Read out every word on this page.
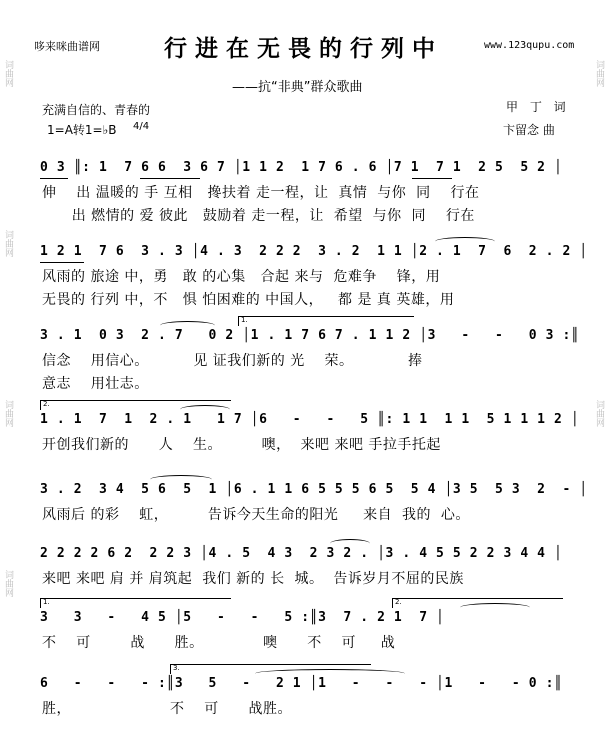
哆来咪曲谱网	行进在无畏的行列中	www.123qupu.com
——抗“非典”群众歌曲
充满自信的、青春的	甲 丁 词
1=A转1=♭B 4/4	卞留念 曲
词曲网
词曲网
词曲网
词曲网
词曲网
词曲网
0 3 ║: 1  7 6 6  3 6 7 │1 1 2  1 7 6 . 6 │7 1  7 1  2 5  5 2 │
伸    出 温暖的 手 互相   搀扶着 走一程，让  真情  与你  同    行在
出 燃情的 爱 彼此   鼓励着 走一程，让  希望  与你  同    行在
1 2 1  7 6  3 . 3 │4 . 3  2 2 2  3 . 2  1 1 │2 . 1  7  6  2 . 2 │
风雨的 旅途 中，勇   敢 的心集   合起 来与  危难争    锋，用
无畏的 行列 中，不   惧 怕困难的 中国人，   都 是 真 英雄，用
3 . 1  0 3  2 . 7   0 2 │1 . 1 7 6 7 . 1 1 2 │3   -   -   0 3 :║
信念    用信心。         见 证我们新的 光    荣。           捧
意志    用壮志。
1.
1 . 1  7  1  2 . 1   1 7 │6   -   -   5 ║: 1 1  1 1  5 1 1 1 2 │
开创我们新的      人    生。        噢，  来吧 来吧 手拉手托起
2.
3 . 2  3 4  5 6  5  1 │6 . 1 1 6 5 5 5 6 5  5 4 │3 5  5 3  2  - │
风雨后 的彩    虹，        告诉今天生命的阳光     来自  我的  心。
2 2 2 2 6 2  2 2 3 │4 . 5  4 3  2 3 2 . │3 . 4 5 5 2 2 3 4 4 │
来吧 来吧 肩 并 肩筑起  我们 新的 长  城。  告诉岁月不屈的民族
3   3   -   4 5 │5   -   -   5 :║3  7 . 2 1  7 │
不    可        战      胜。            噢      不    可     战
1.	2.
6   -   -   - :║3   5   -   2 1 │1   -   -   - │1   -   - 0 :║
胜，                    不    可      战胜。
3.
